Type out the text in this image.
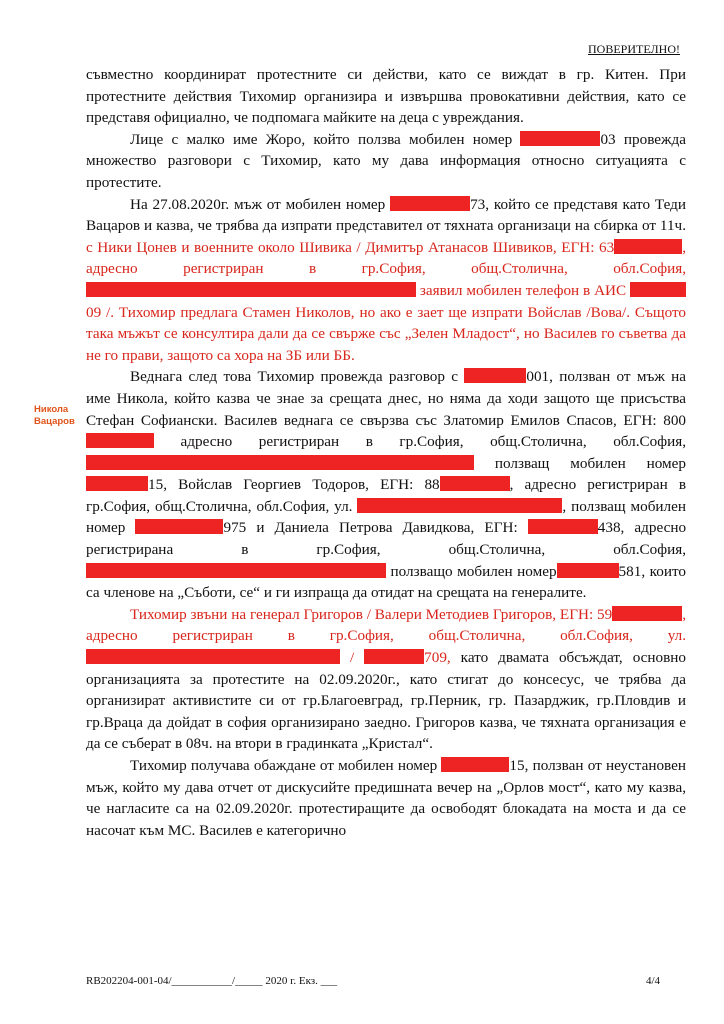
ПОВЕРИТЕЛНО!
Никола
Вацаров

съвместно координират протестните си действи, като се виждат в гр. Китен. При протестните действия Тихомир организира и извършва провокативни действия, като се представя официално, че подпомага майките на деца с увреждания.

Лице с малко име Жоро, който ползва мобилен номер	03 провежда множество разговори с Тихомир, като му дава информация относно ситуацията с протестите.

На 27.08.2020г. мъж от мобилен номер	73, който се представя като Теди Вацаров и казва, че трябва да изпрати представител от тяхната организаци на сбирка от 11ч. с Ники Цонев и военните около Шивика / Димитър Атанасов Шивиков, ЕГН: 63	, адресно регистриран в гр.София, общ.Столична,	обл.София,  заявил мобилен телефон в АИС 09 /. Тихомир предлага Стамен Николов, но ако е зает ще изпрати Войслав /Вова/. Същото така мъжът се консултира дали да се свърже със „Зелен Младост“, но Василев го съветва да не го прави, защото са хора на ЗБ или ББ.

Веднага след това Тихомир провежда разговор с	001, ползван от мъж на име Никола, който казва че знае за срещата днес, но няма да ходи защото ще присъства Стефан Софиански. Василев веднага се свързва със Златомир Емилов Спасов, ЕГН: 800 адресно регистриран в гр.София, общ.Столична, обл.София,  ползващ мобилен номер 15, Войслав Георгиев Тодоров, ЕГН: 88	, адресно регистриран в гр.София, общ.Столична, обл.София, ул.	, ползващ мобилен номер	975 и Даниела Петрова Давидкова, ЕГН:	438, адресно регистрирана в гр.София,	общ.Столична, обл.София,  ползващо мобилен номер	581, които са членове на „Съботи, се“ и ги изпраща да отидат на срещата на генералите.

Тихомир звъни на генерал Григоров / Валери Методиев Григоров, ЕГН: 59	, адресно регистриран в гр.София, общ.Столична, обл.София, ул.  /	709, като двамата обсъждат, основно организацията за протестите на 02.09.2020г., като стигат до консесус, че трябва да организират активистите си от гр.Благоевград, гр.Перник, гр. Пазарджик, гр.Пловдив и гр.Враца да дойдат в софия организирано заедно. Григоров казва, че тяхната организация е да се съберат в 08ч. на втори в градинката „Кристал“.

Тихомир получава обаждане от мобилен номер	15, ползван от неустановен мъж, който му дава отчет от дискусийте предишната вечер на „Орлов мост“, като му казва, че нагласите са на 02.09.2020г. протестиращите да освободят блокадата на моста и да се насочат към МС. Василев е категорично

RB202204-001-04/___________/_____ 2020 г. Екз. ___	4/4
